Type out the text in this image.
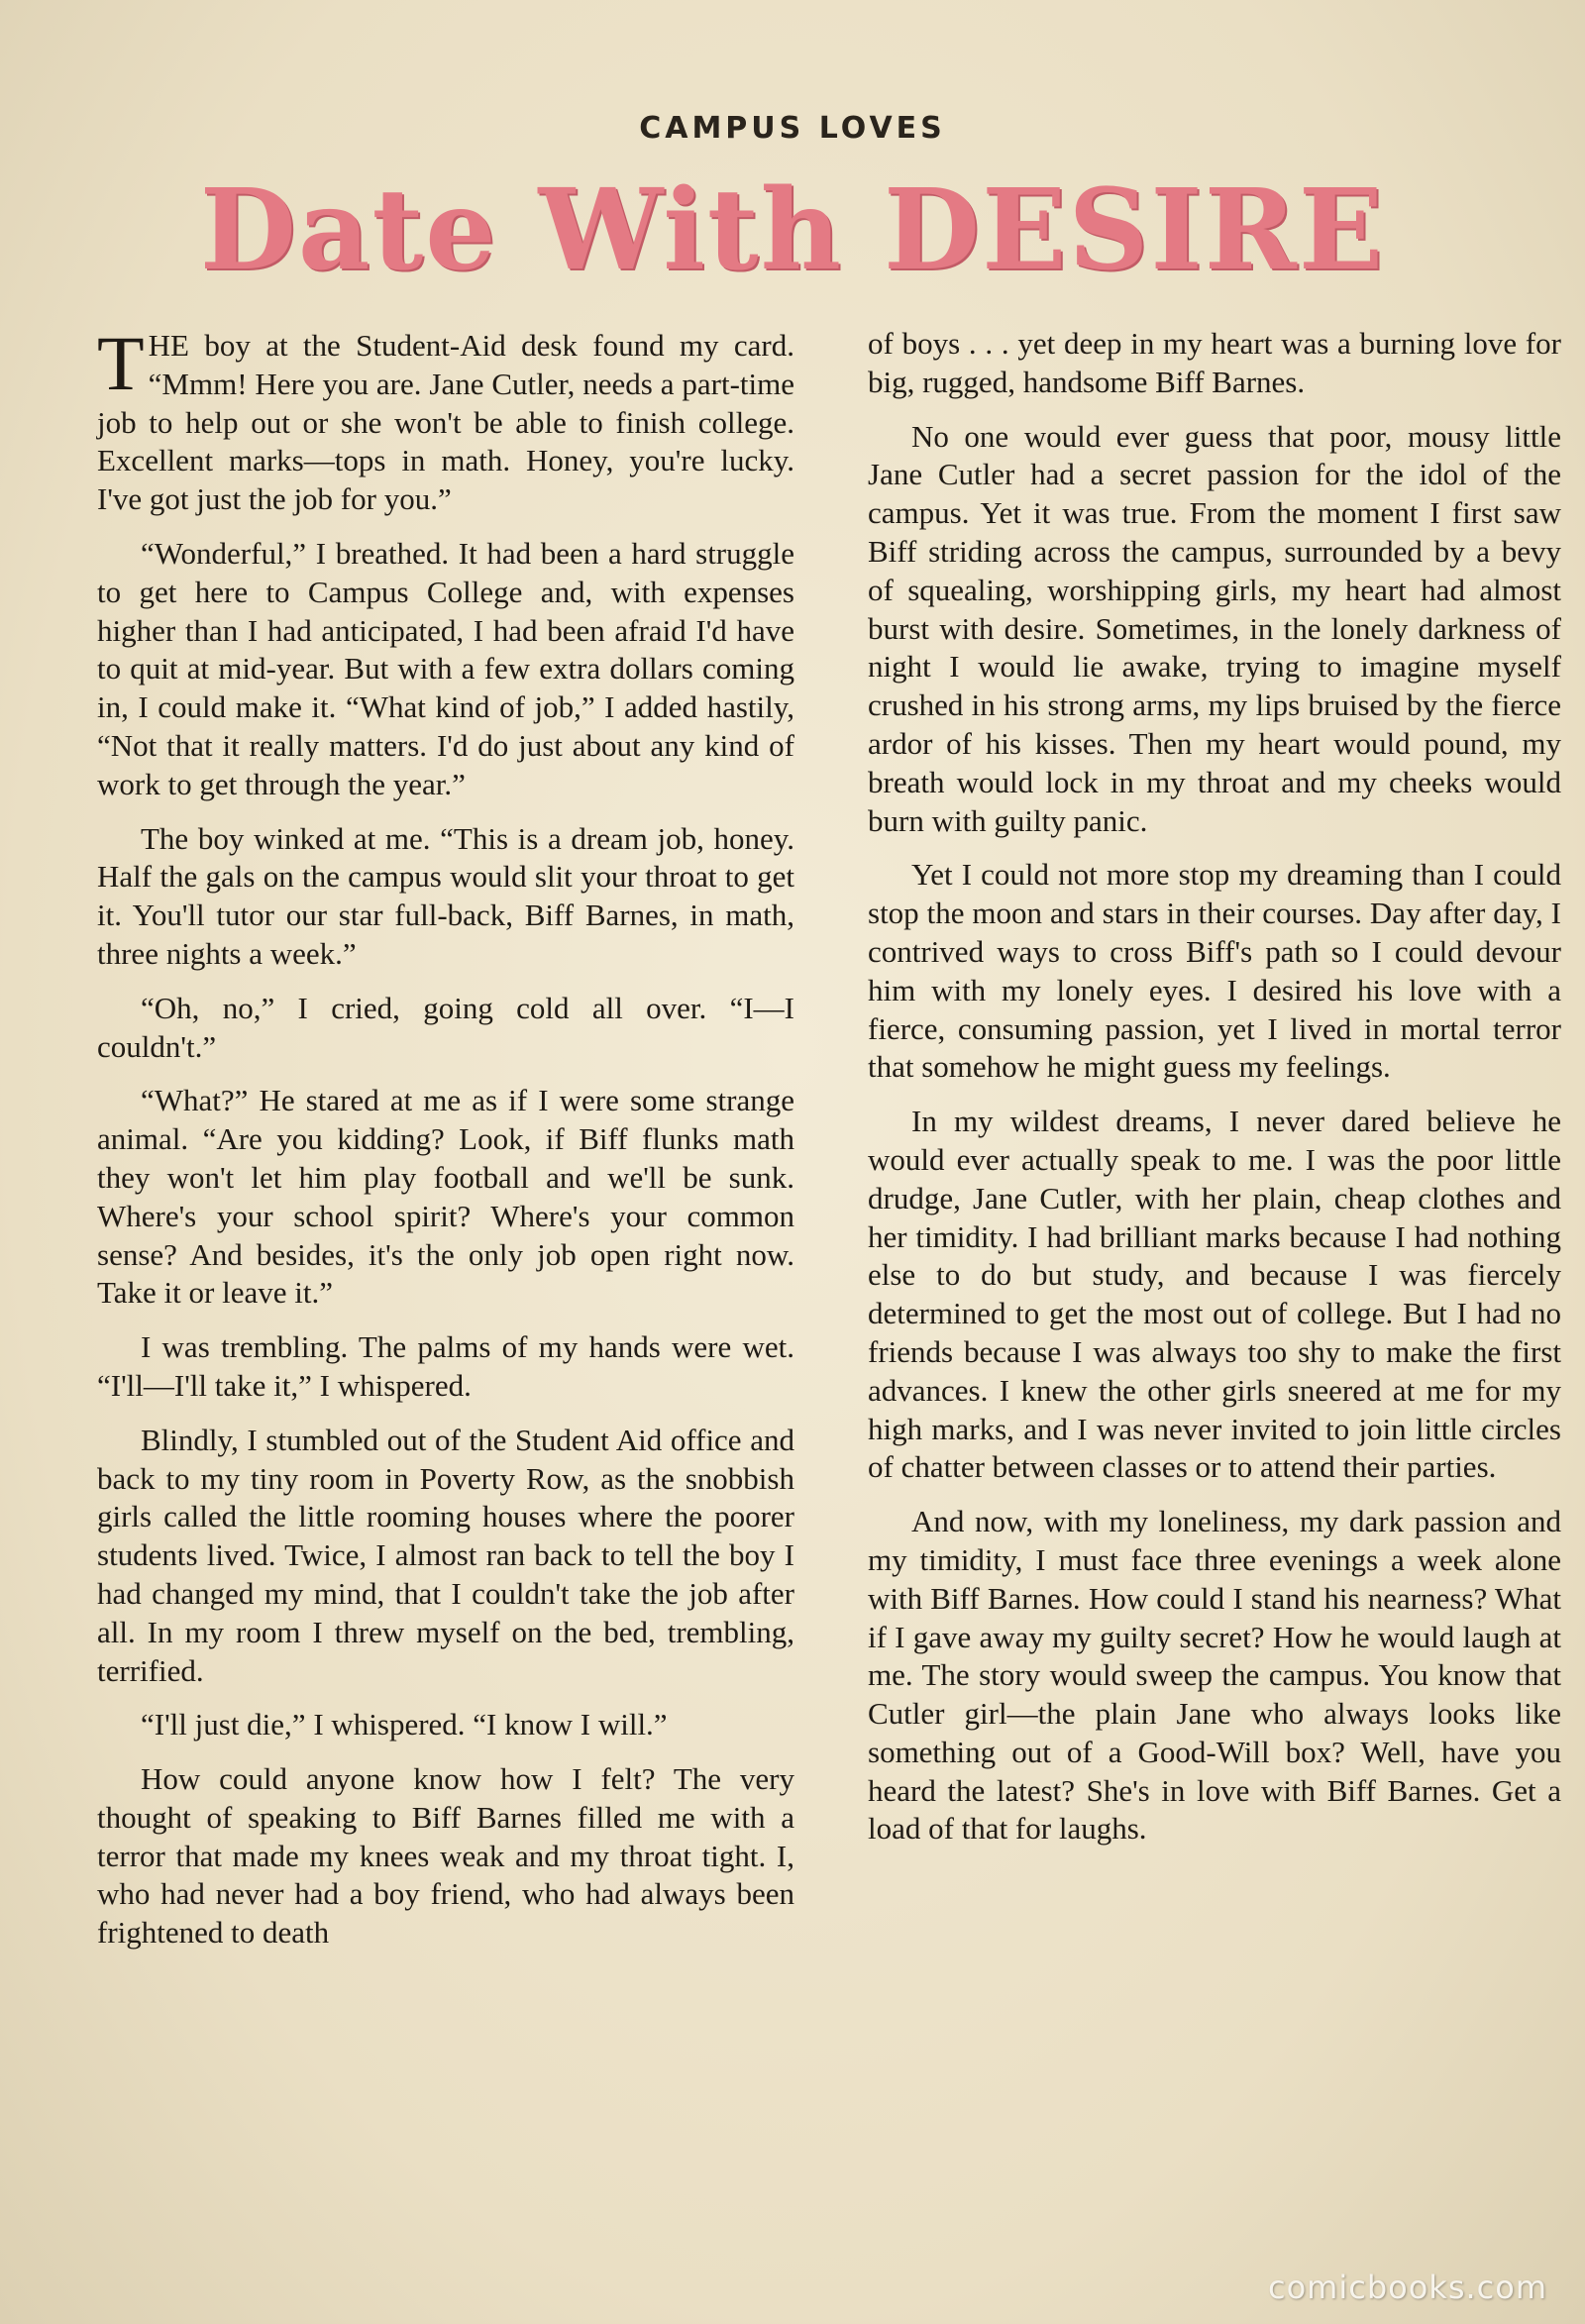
CAMPUS LOVES
Date With DESIRE

THE boy at the Student-Aid desk found my card. “Mmm! Here you are. Jane Cutler, needs a part-time job to help out or she won't be able to finish college. Excellent marks—tops in math. Honey, you're lucky. I've got just the job for you.”

“Wonderful,” I breathed. It had been a hard struggle to get here to Campus College and, with expenses higher than I had anticipated, I had been afraid I'd have to quit at mid-year. But with a few extra dollars coming in, I could make it. “What kind of job,” I added hastily, “Not that it really matters. I'd do just about any kind of work to get through the year.”

The boy winked at me. “This is a dream job, honey. Half the gals on the campus would slit your throat to get it. You'll tutor our star full-back, Biff Barnes, in math, three nights a week.”

“Oh, no,” I cried, going cold all over. “I—I couldn't.”

“What?” He stared at me as if I were some strange animal. “Are you kidding? Look, if Biff flunks math they won't let him play football and we'll be sunk. Where's your school spirit? Where's your common sense? And besides, it's the only job open right now. Take it or leave it.”

I was trembling. The palms of my hands were wet. “I'll—I'll take it,” I whispered.

Blindly, I stumbled out of the Student Aid office and back to my tiny room in Poverty Row, as the snobbish girls called the little rooming houses where the poorer students lived. Twice, I almost ran back to tell the boy I had changed my mind, that I couldn't take the job after all. In my room I threw myself on the bed, trembling, terrified.

“I'll just die,” I whispered. “I know I will.”

How could anyone know how I felt? The very thought of speaking to Biff Barnes filled me with a terror that made my knees weak and my throat tight. I, who had never had a boy friend, who had always been frightened to death

of boys . . . yet deep in my heart was a burning love for big, rugged, handsome Biff Barnes.

No one would ever guess that poor, mousy little Jane Cutler had a secret passion for the idol of the campus. Yet it was true. From the moment I first saw Biff striding across the campus, surrounded by a bevy of squealing, worshipping girls, my heart had almost burst with desire. Sometimes, in the lonely darkness of night I would lie awake, trying to imagine myself crushed in his strong arms, my lips bruised by the fierce ardor of his kisses. Then my heart would pound, my breath would lock in my throat and my cheeks would burn with guilty panic.

Yet I could not more stop my dreaming than I could stop the moon and stars in their courses. Day after day, I contrived ways to cross Biff's path so I could devour him with my lonely eyes. I desired his love with a fierce, consuming passion, yet I lived in mortal terror that somehow he might guess my feelings.

In my wildest dreams, I never dared believe he would ever actually speak to me. I was the poor little drudge, Jane Cutler, with her plain, cheap clothes and her timidity. I had brilliant marks because I had nothing else to do but study, and because I was fiercely determined to get the most out of college. But I had no friends because I was always too shy to make the first advances. I knew the other girls sneered at me for my high marks, and I was never invited to join little circles of chatter between classes or to attend their parties.

And now, with my loneliness, my dark passion and my timidity, I must face three evenings a week alone with Biff Barnes. How could I stand his nearness? What if I gave away my guilty secret? How he would laugh at me. The story would sweep the campus. You know that Cutler girl—the plain Jane who always looks like something out of a Good-Will box? Well, have you heard the latest? She's in love with Biff Barnes. Get a load of that for laughs.

comicbooks.com
